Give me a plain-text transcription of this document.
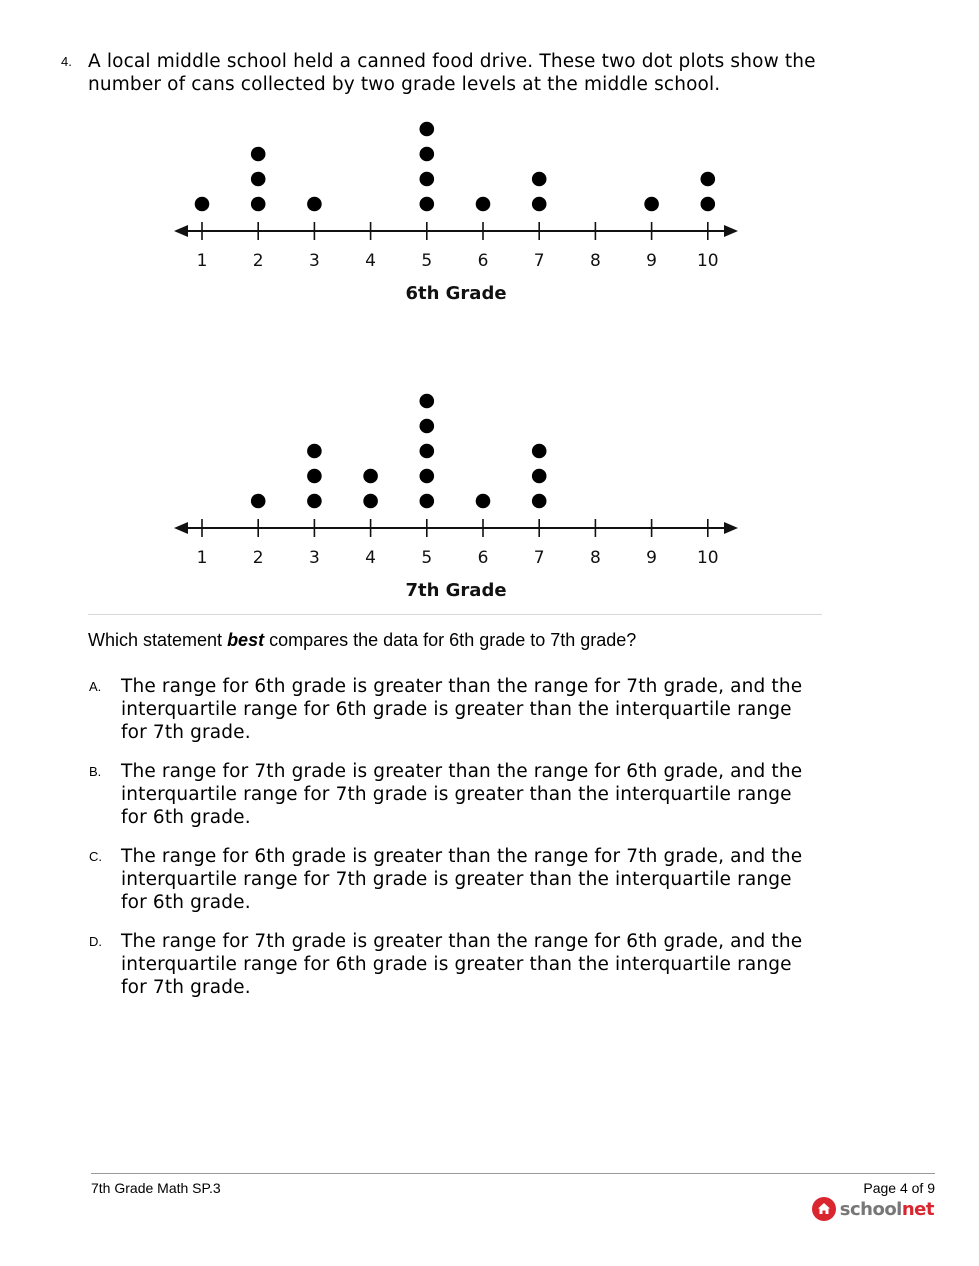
4. A local middle school held a canned food drive. These two dot plots show the number of cans collected by two grade levels at the middle school.
1	2	3	4	5	6	7	8	9 10
6th Grade
1	2	3	4	5	6	7	8	9 10
7th Grade
Which statement best compares the data for 6th grade to 7th grade?
A. The range for 6th grade is greater than the range for 7th grade, and the interquartile range for 6th grade is greater than the interquartile range for 7th grade.
B. The range for 7th grade is greater than the range for 6th grade, and the interquartile range for 7th grade is greater than the interquartile range for 6th grade.
C. The range for 6th grade is greater than the range for 7th grade, and the interquartile range for 7th grade is greater than the interquartile range for 6th grade.
D. The range for 7th grade is greater than the range for 6th grade, and the interquartile range for 6th grade is greater than the interquartile range for 7th grade.
7th Grade Math SP.3	Page 4 of 9
schoolnet
